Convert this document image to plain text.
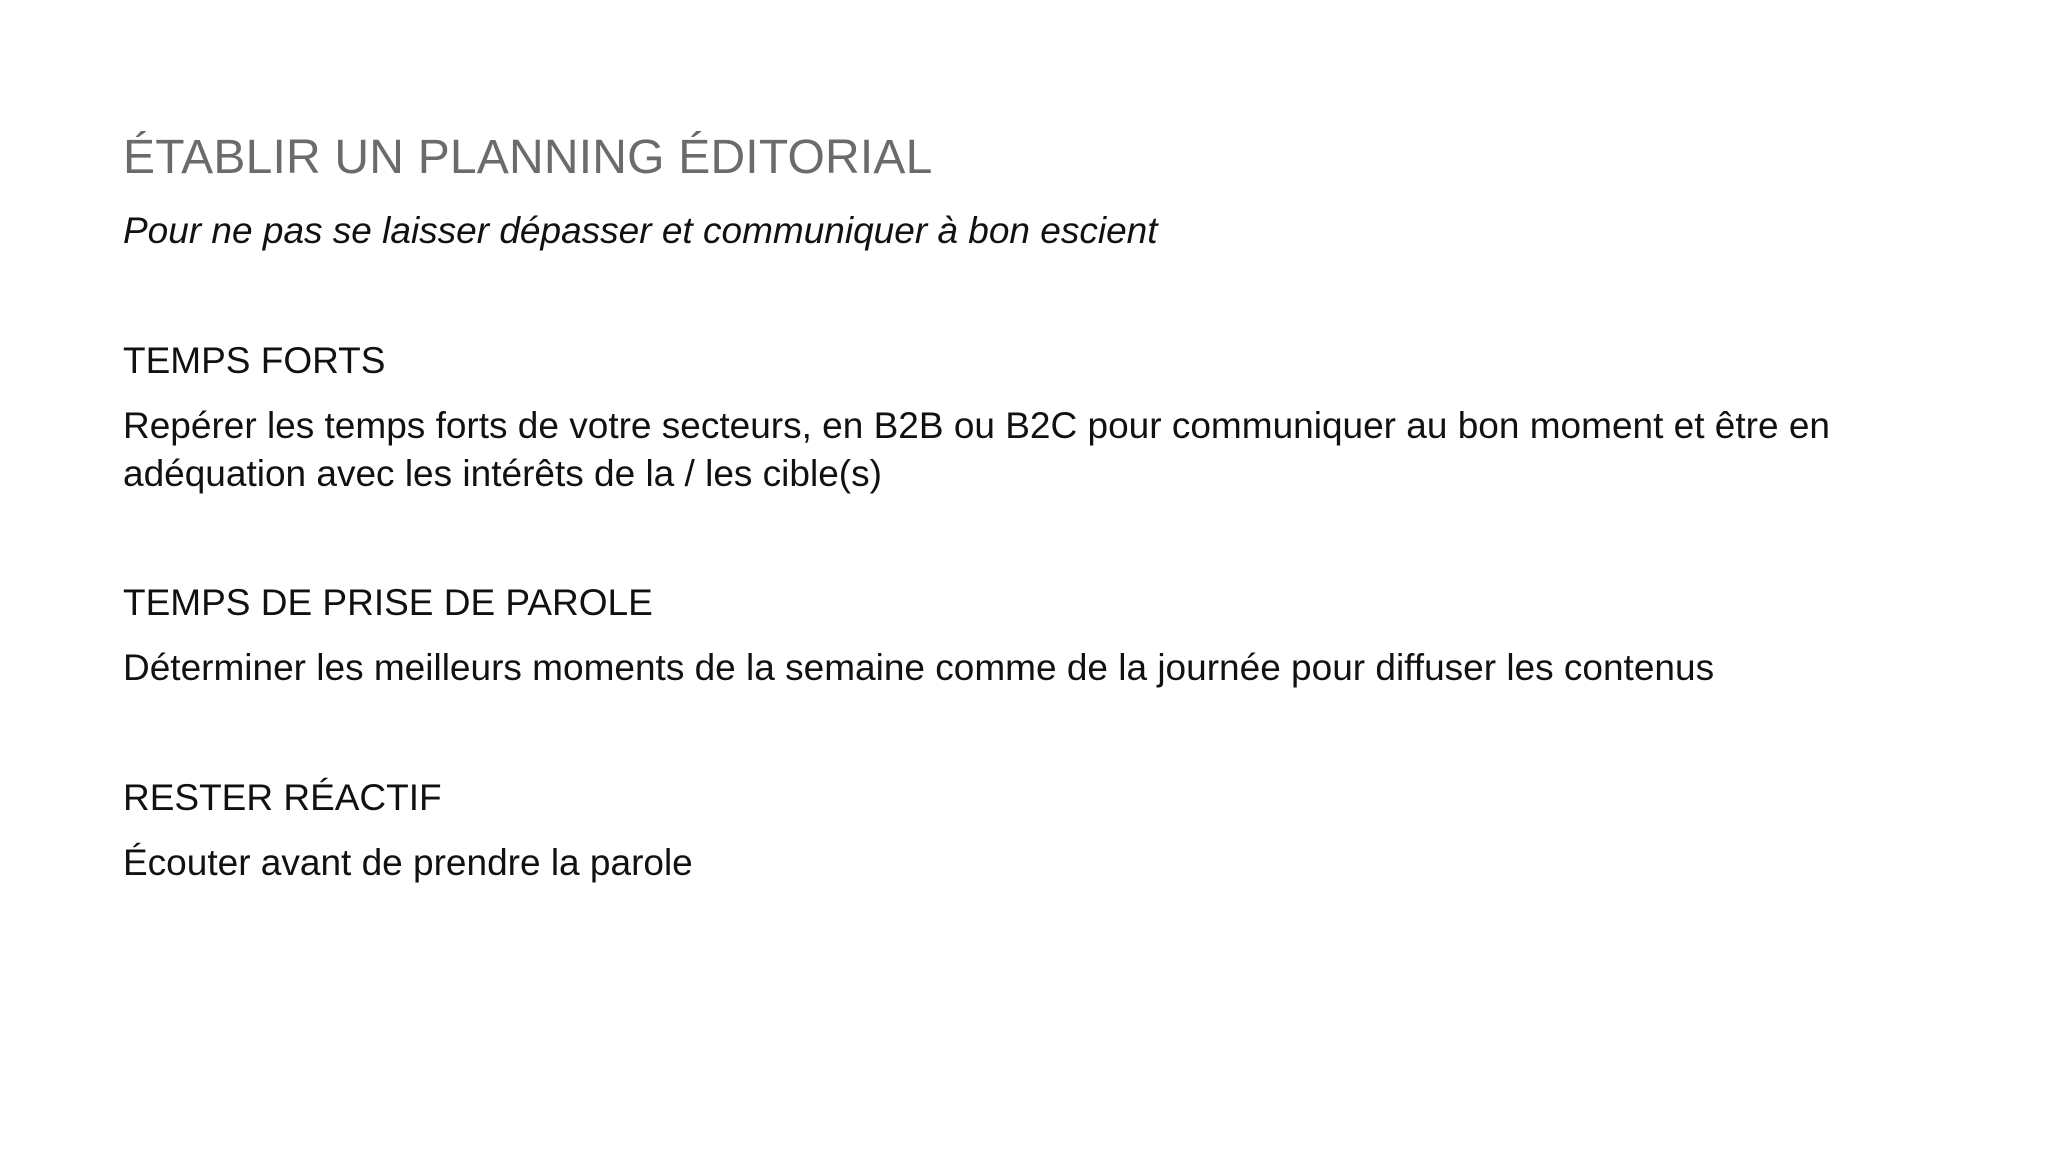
ÉTABLIR UN PLANNING ÉDITORIAL
Pour ne pas se laisser dépasser et communiquer à bon escient
TEMPS FORTS
Repérer les temps forts de votre secteurs, en B2B ou B2C pour communiquer au bon moment et être en adéquation avec les intérêts de la / les cible(s)
TEMPS DE PRISE DE PAROLE
Déterminer les meilleurs moments de la semaine comme de la journée pour diffuser les contenus
RESTER RÉACTIF
Écouter avant de prendre la parole
